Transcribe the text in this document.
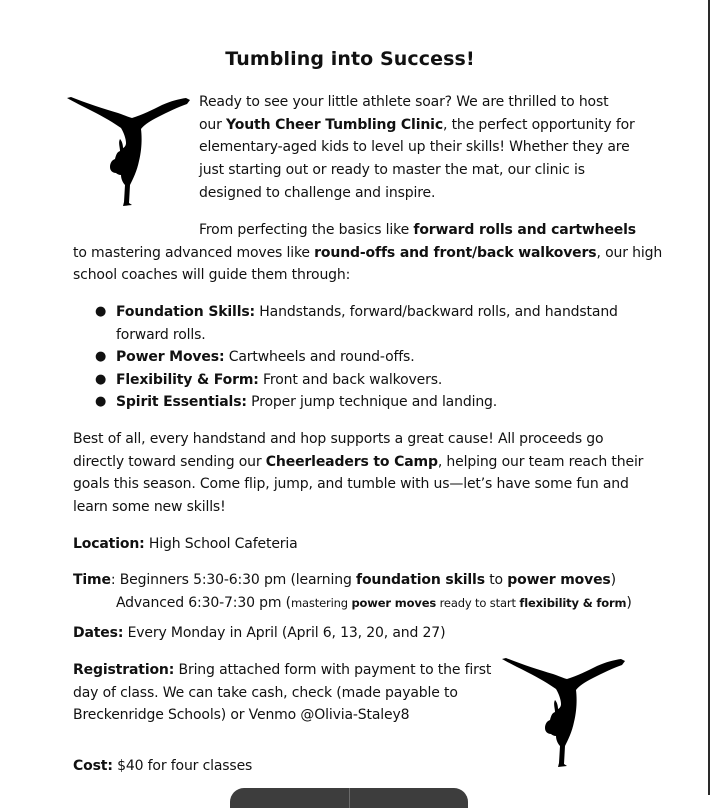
Tumbling into Success!
Ready to see your little athlete soar? We are thrilled to host
our Youth Cheer Tumbling Clinic, the perfect opportunity for
elementary-aged kids to level up their skills! Whether they are
just starting out or ready to master the mat, our clinic is
designed to challenge and inspire.
From perfecting the basics like forward rolls and cartwheels
to mastering advanced moves like round-offs and front/back walkovers, our high
school coaches will guide them through:
● Foundation Skills: Handstands, forward/backward rolls, and handstand
forward rolls.
● Power Moves: Cartwheels and round-offs.
● Flexibility & Form: Front and back walkovers.
● Spirit Essentials: Proper jump technique and landing.
Best of all, every handstand and hop supports a great cause! All proceeds go
directly toward sending our Cheerleaders to Camp, helping our team reach their
goals this season. Come flip, jump, and tumble with us—let’s have some fun and
learn some new skills!
Location: High School Cafeteria
Time: Beginners 5:30-6:30 pm (learning foundation skills to power moves)
Advanced 6:30-7:30 pm (mastering power moves ready to start flexibility & form)
Dates: Every Monday in April (April 6, 13, 20, and 27)
Registration: Bring attached form with payment to the first
day of class. We can take cash, check (made payable to
Breckenridge Schools) or Venmo @Olivia-Staley8
Cost: $40 for four classes
